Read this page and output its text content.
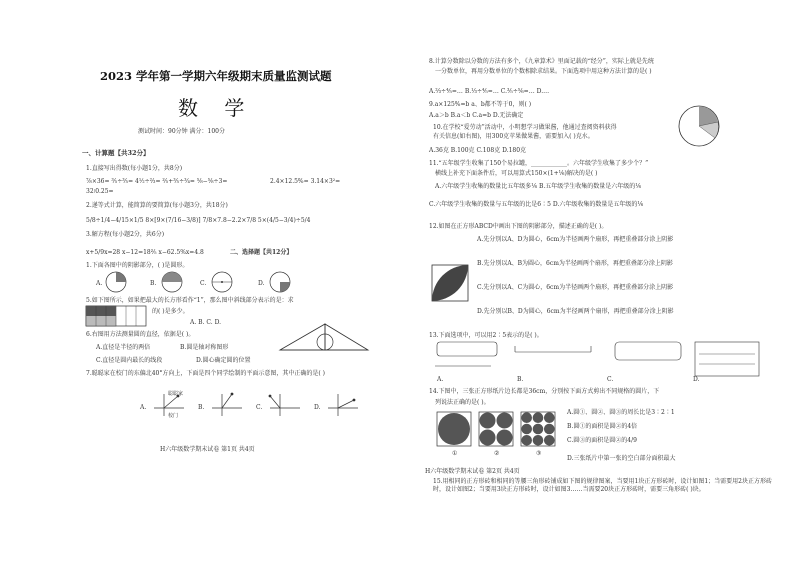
2023 学年第一学期六年级期末质量监测试题
数 学
测试时间：90分钟 满分：100分
一、计算题【共32分】
1.直接写出得数(每小题1分，共8分)
⅞×36= ⅗÷⅗= 4½÷⅔= ⅖+⅗÷¾= ⅝−⅝÷3=	2.4×12.5%= 3.14×3²=
32∶0.25=
2.递等式计算，能简算的要简算(每小题3分，共18分)
5/8÷1/4−4/15×1/5 8×[9×(7/16−3/8)] 7/8×7.8−2.2×7/8 5×(4/5−3/4)÷5/4
3.解方程(每小题2分，共6分)
x+5/9x=28 x−12=18⅖ x−62.5%x=4.8	二、选择题【共12分】
1.下面各图中的阴影部分，( )是圆形。
A.	B.	C.	D.
5.如下图所示，如果把最大的长方形看作“1”，那么图中斜线部分表示的是：求
的( )是多少。
A. B. C. D.
6.右图用方法测量圆的直径，依据是( )。
A.直径是半径的两倍	B.圆是轴对称图形
C.直径是圆内最长的线段	D.圆心确定圆的位置
7.聪聪家在校门的东偏北40°方向上，下面是四个同学绘制的平面示意图，其中正确的是( )
A.	B.	C.	D.
校门
聪聪家
H六年级数学期末试卷 第1页 共4页
8.计算分数除以分数的方法有多个，《九章算术》里面记载的“经分”，实际上就是先统
一分数单位，再用分数单位的个数相除求结果。下面选项中用这种方法计算的是( )
A.⅔÷⅘=… B.⅓÷⅘=… C.⅗÷⅚=… D.…
9.a×125%=b a、b都不等于0，则( )
A.a＞b B.a＜b C.a=b D.无法确定
10.在学校“爱劳动”活动中，小明想学习做果酱，他通过查阅资料获得
有关信息(如右图)，用300克苹果做果酱，需要加入( )克水。
A.36克 B.100克 C.108克 D.180克
11.“五年级学生收集了150个易拉罐，____________。六年级学生收集了多少个？”
横线上补充下面条件后，可以用算式150×(1+⅙)解决的是( )
A.六年级学生收集的数量比五年级多⅙ B.五年级学生收集的数量是六年级的⅙
C.六年级学生收集的数量与五年级的比是6∶5 D.六年级收集的数量是五年级的⅙
12.如图在正方形ABCD中画出下图的阴影部分，描述正确的是( )。
A.先分别以A、D为圆心，6cm为半径画两个扇形，再把重叠部分涂上阴影
B.先分别以A、B为圆心，6cm为半径画两个扇形，再把重叠部分涂上阴影
C.先分别以A、C为圆心，6cm为半径画两个扇形，再把重叠部分涂上阴影
D.先分别以B、D为圆心，6cm为半径画两个扇形，再把重叠部分涂上阴影
13.下面选项中，可以用2∶5表示的是( )。
A.	B.	C.	D.
14.下图中，三张正方形纸片边长都是36cm，分别按下面方式剪出不同规格的圆片，下
列说法正确的是( )。
①	②	③
A.圆①、圆②、圆③的周长比是3∶2∶1
B.圆①的面积是圆②的4倍
C.圆③的面积是圆②的4/9
D.三张纸片中第一张的空白部分面积最大
H六年级数学期末试卷 第2页 共4页
15.用相同的正方形砖和相同的等腰三角形砖铺成如下图的规律图案，当要用1块正方形砖时，设计如图1；当需要用2块正方形砖时，设计如图2；当要用3块正方形砖时，设计如图3……当需要20块正方形砖时，需要三角形砖( )块。
